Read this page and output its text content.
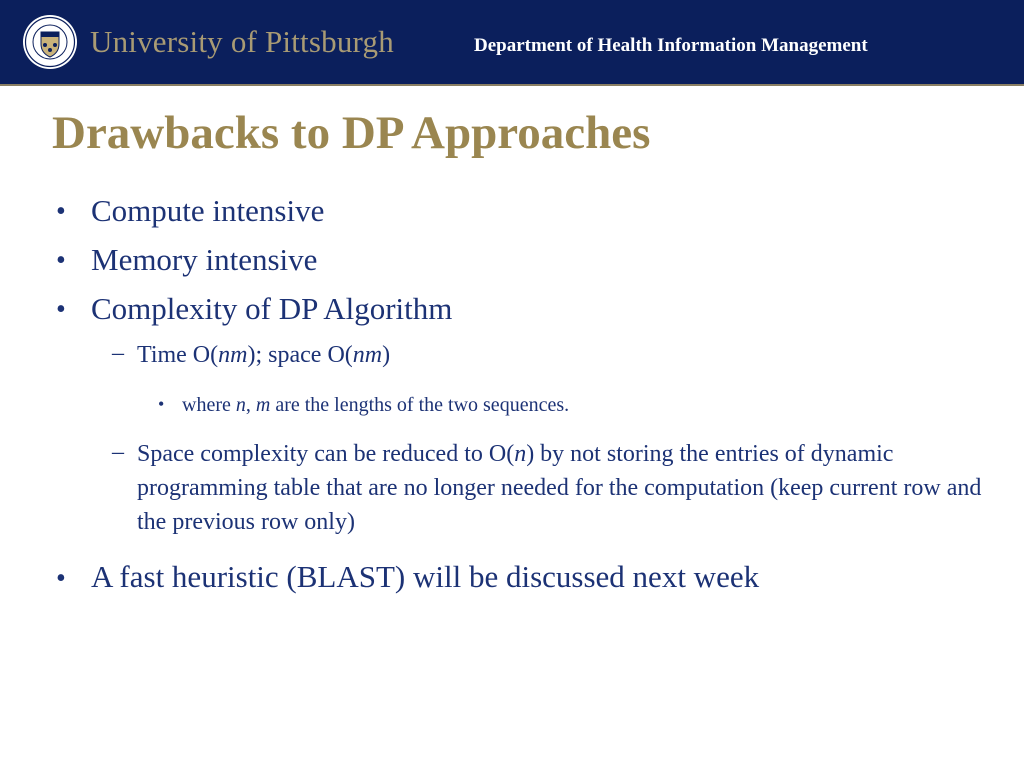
University of Pittsburgh	Department of Health Information Management
Drawbacks to DP Approaches
• Compute intensive
• Memory intensive
• Complexity of DP Algorithm
– Time O(nm); space O(nm)
• where n, m are the lengths of the two sequences.
– Space complexity can be reduced to O(n) by not storing the entries of dynamic programming table that are no longer needed for the computation (keep current row and the previous row only)
• A fast heuristic (BLAST) will be discussed next week
